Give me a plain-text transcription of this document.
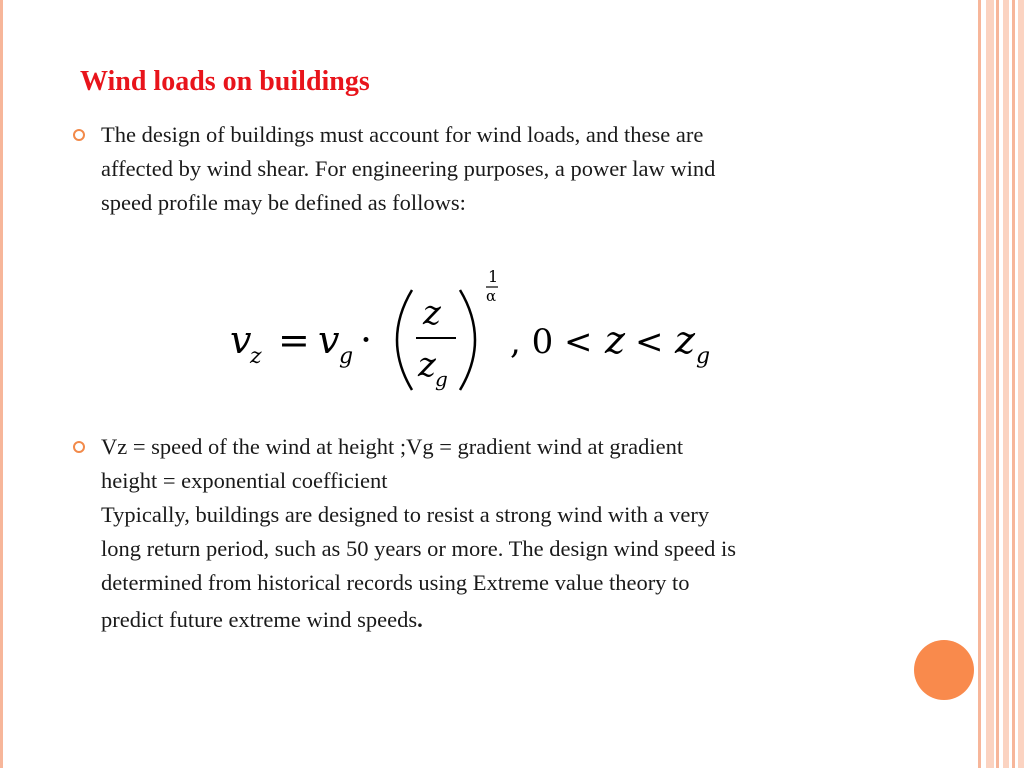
Wind loads on buildings
The design of buildings must account for wind loads, and these are
affected by wind shear. For engineering purposes, a power law wind
speed profile may be defined as follows:
v
z = v g ·
z
z g
1
α
, 0 < z < z g
Vz = speed of the wind at height ;Vg = gradient wind at gradient
height = exponential coefficient
Typically, buildings are designed to resist a strong wind with a very
long return period, such as 50 years or more. The design wind speed is
determined from historical records using Extreme value theory to
predict future extreme wind speeds.
